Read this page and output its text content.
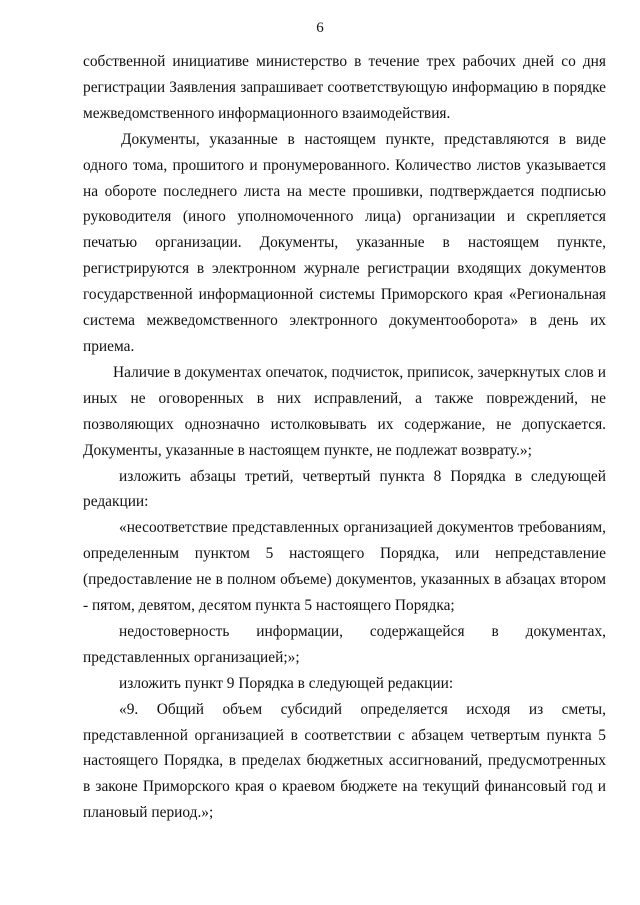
6

собственной инициативе министерство в течение трех рабочих дней со дня регистрации Заявления запрашивает соответствующую информацию в порядке межведомственного информационного взаимодействия.

Документы, указанные в настоящем пункте, представляются в виде одного тома, прошитого и пронумерованного. Количество листов указывается на обороте последнего листа на месте прошивки, подтверждается подписью руководителя (иного уполномоченного лица) организации и скрепляется печатью организации. Документы, указанные в настоящем пункте, регистрируются в электронном журнале регистрации входящих документов государственной информационной системы Приморского края «Региональная система межведомственного электронного документооборота» в день их приема.

Наличие в документах опечаток, подчисток, приписок, зачеркнутых слов и иных не оговоренных в них исправлений, а также повреждений, не позволяющих однозначно истолковывать их содержание, не допускается. Документы, указанные в настоящем пункте, не подлежат возврату.»;

изложить абзацы третий, четвертый пункта 8 Порядка в следующей редакции:

«несоответствие представленных организацией документов требованиям, определенным пунктом 5 настоящего Порядка, или непредставление (предоставление не в полном объеме) документов, указанных в абзацах втором - пятом, девятом, десятом пункта 5 настоящего Порядка;

недостоверность информации, содержащейся в документах, представленных организацией;»;

изложить пункт 9 Порядка в следующей редакции:

«9. Общий объем субсидий определяется исходя из сметы, представленной организацией в соответствии с абзацем четвертым пункта 5 настоящего Порядка, в пределах бюджетных ассигнований, предусмотренных в законе Приморского края о краевом бюджете на текущий финансовый год и плановый период.»;
